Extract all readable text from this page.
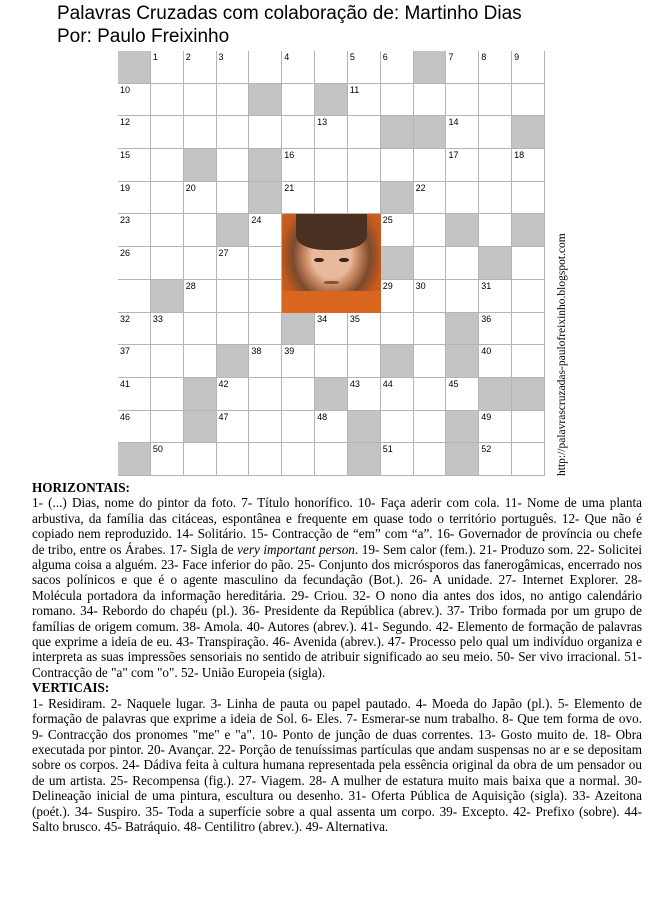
Palavras Cruzadas com colaboração de: Martinho Dias
Por: Paulo Freixinho
1	2	3	4	5	6	7	8	9
10	11
12	13	14
15	16	17	18
19	20	21	22
23	24	25
26	27
28	29	30	31
32	33	34	35	36
37	38	39	40
41	42	43	44	45
46	47	48	49
50	51	52	http://palavrascruzadas-paulofreixinho.blogspot.com
HORIZONTAIS:

1- (...) Dias, nome do pintor da foto. 7- Título honorífico. 10- Faça aderir com cola. 11- Nome de uma planta arbustiva, da família das citáceas, espontânea e frequente em quase todo o território português. 12- Que não é copiado nem reproduzido. 14- Solitário. 15- Contracção de “em” com “a”. 16- Governador de província ou chefe de tribo, entre os Árabes. 17- Sigla de very important person. 19- Sem calor (fem.). 21- Produzo som. 22- Solicitei alguma coisa a alguém. 23- Face inferior do pão. 25- Conjunto dos micrósporos das fanerogâmicas, encerrado nos sacos polínicos e que é o agente masculino da fecundação (Bot.). 26- A unidade. 27- Internet Explorer. 28- Molécula portadora da informação hereditária. 29- Criou. 32- O nono dia antes dos idos, no antigo calendário romano. 34- Rebordo do chapéu (pl.). 36- Presidente da República (abrev.). 37- Tribo formada por um grupo de famílias de origem comum. 38- Amola. 40- Autores (abrev.). 41- Segundo. 42- Elemento de formação de palavras que exprime a ideia de eu. 43- Transpiração. 46- Avenida (abrev.). 47- Processo pelo qual um indivíduo organiza e interpreta as suas impressões sensoriais no sentido de atribuir significado ao seu meio. 50- Ser vivo irracional. 51- Contracção de "a" com "o". 52- União Europeia (sigla).

VERTICAIS:

1- Residiram. 2- Naquele lugar. 3- Linha de pauta ou papel pautado. 4- Moeda do Japão (pl.). 5- Elemento de formação de palavras que exprime a ideia de Sol. 6- Eles. 7- Esmerar-se num trabalho. 8- Que tem forma de ovo. 9- Contracção dos pronomes "me" e "a". 10- Ponto de junção de duas correntes. 13- Gosto muito de. 18- Obra executada por pintor. 20- Avançar. 22- Porção de tenuíssimas partículas que andam suspensas no ar e se depositam sobre os corpos. 24- Dádiva feita à cultura humana representada pela essência original da obra de um pensador ou de um artista. 25- Recompensa (fig.). 27- Viagem. 28- A mulher de estatura muito mais baixa que a normal. 30- Delineação inicial de uma pintura, escultura ou desenho. 31- Oferta Pública de Aquisição (sigla). 33- Azeitona (poét.). 34- Suspiro. 35- Toda a superfície sobre a qual assenta um corpo. 39- Excepto. 42- Prefixo (sobre). 44- Salto brusco. 45- Batráquio. 48- Centilitro (abrev.). 49- Alternativa.
